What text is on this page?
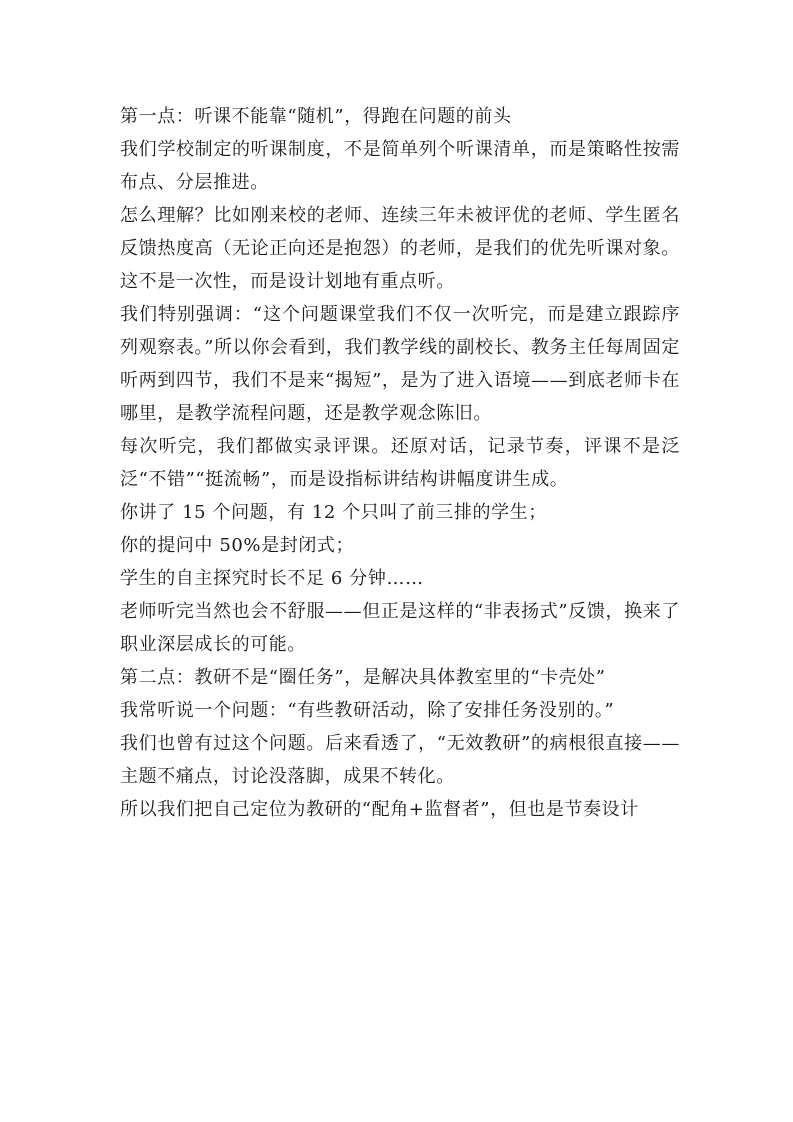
第一点：听课不能靠“随机”，得跑在问题的前头

我们学校制定的听课制度，不是简单列个听课清单，而是策略性按需布点、分层推进。

怎么理解？比如刚来校的老师、连续三年未被评优的老师、学生匿名反馈热度高（无论正向还是抱怨）的老师，是我们的优先听课对象。这不是一次性，而是设计划地有重点听。

我们特别强调：“这个问题课堂我们不仅一次听完，而是建立跟踪序列观察表。”所以你会看到，我们教学线的副校长、教务主任每周固定听两到四节，我们不是来“揭短”，是为了进入语境——到底老师卡在哪里，是教学流程问题，还是教学观念陈旧。

每次听完，我们都做实录评课。还原对话，记录节奏，评课不是泛泛“不错”“挺流畅”，而是设指标讲结构讲幅度讲生成。

你讲了 15 个问题，有 12 个只叫了前三排的学生；

你的提问中 50%是封闭式；

学生的自主探究时长不足 6 分钟……

老师听完当然也会不舒服——但正是这样的“非表扬式”反馈，换来了职业深层成长的可能。

第二点：教研不是“圈任务”，是解决具体教室里的“卡壳处”

我常听说一个问题：“有些教研活动，除了安排任务没别的。”

我们也曾有过这个问题。后来看透了，“无效教研”的病根很直接——主题不痛点，讨论没落脚，成果不转化。

所以我们把自己定位为教研的“配角+监督者”，但也是节奏设计
